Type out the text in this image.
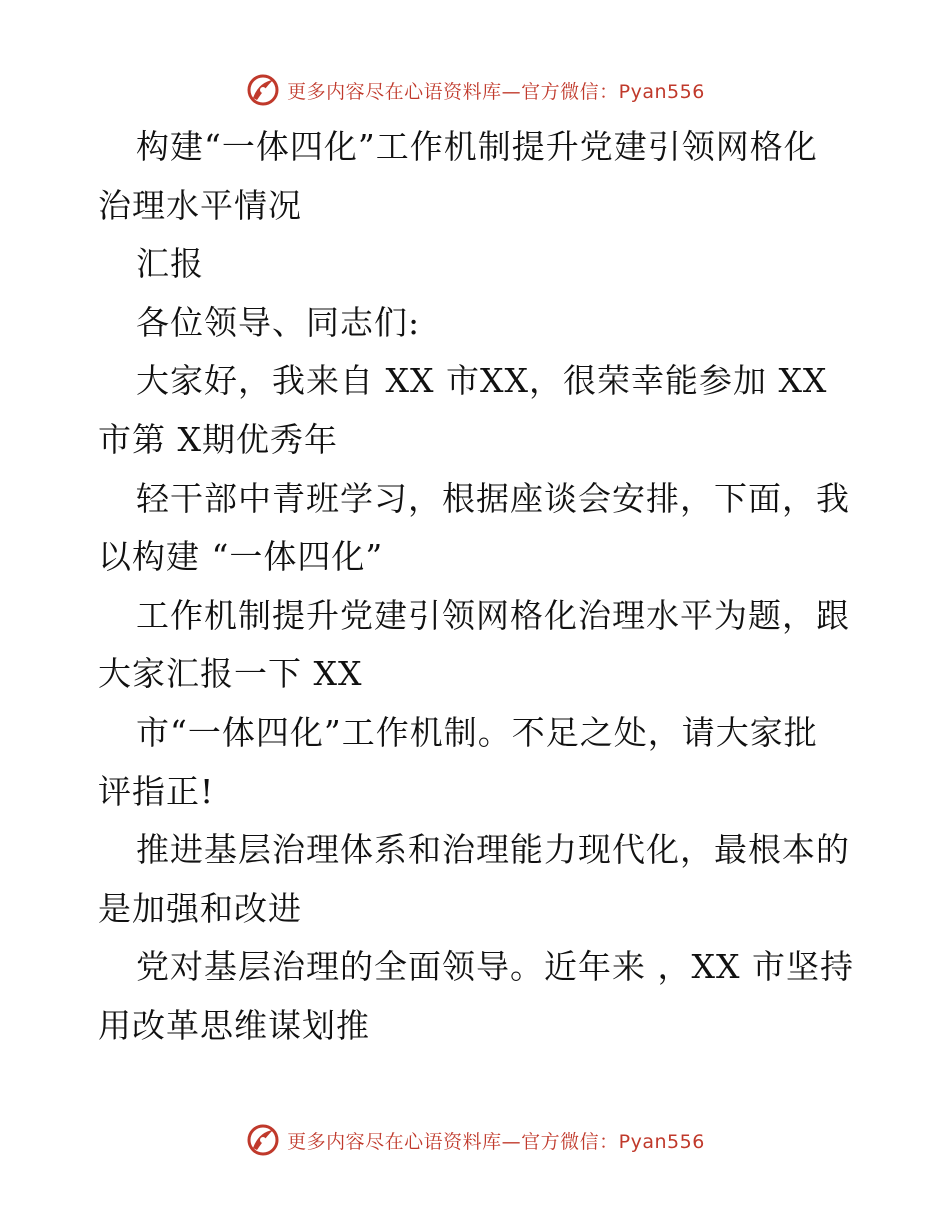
更多内容尽在心语资料库—官方微信：Pyan556
构建“一体四化”工作机制提升党建引领网格化
治理水平情况
汇报
各位领导、同志们:
大家好，我来自 XX 市XX，很荣幸能参加 XX
市第 X期优秀年
轻干部中青班学习，根据座谈会安排，下面，我
以构建 “一体四化”
工作机制提升党建引领网格化治理水平为题，跟
大家汇报一下 XX
市“一体四化”工作机制。不足之处，请大家批
评指正!
推进基层治理体系和治理能力现代化，最根本的
是加强和改进
党对基层治理的全面领导。近年来 ，XX 市坚持
用改革思维谋划推
更多内容尽在心语资料库—官方微信：Pyan556
